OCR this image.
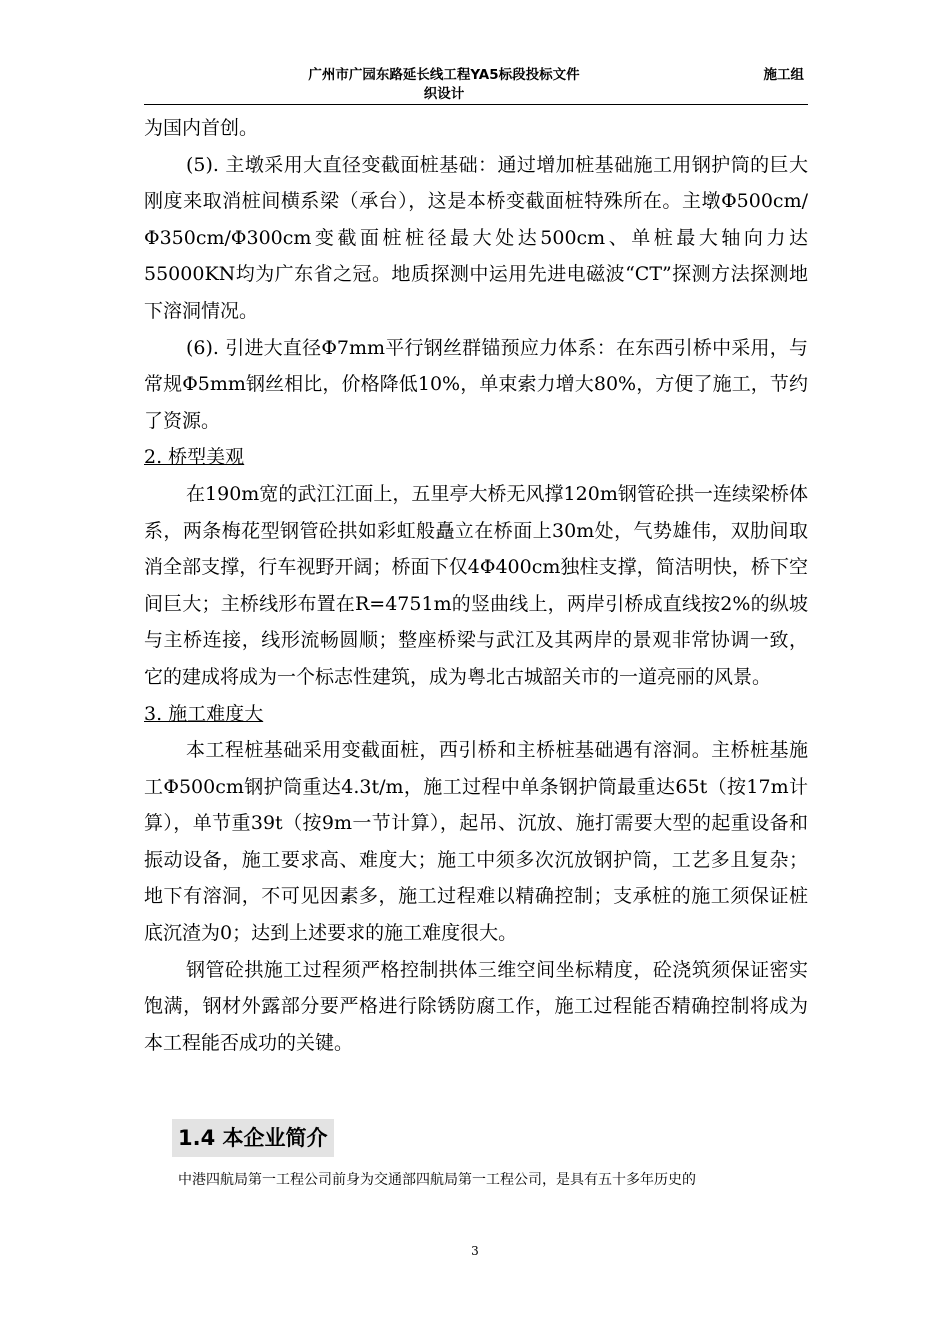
广州市广园东路延长线工程YA5标段投标文件
织设计
施工组

为国内首创。

(5). 主墩采用大直径变截面桩基础：通过增加桩基础施工用钢护筒的巨大刚度来取消桩间横系梁（承台），这是本桥变截面桩特殊所在。主墩Φ500cm/Φ350cm/Φ300cm变截面桩桩径最大处达500cm、单桩最大轴向力达55000KN均为广东省之冠。地质探测中运用先进电磁波“CT”探测方法探测地下溶洞情况。

(6). 引进大直径Φ7mm平行钢丝群锚预应力体系：在东西引桥中采用，与常规Φ5mm钢丝相比，价格降低10%，单束索力增大80%，方便了施工，节约了资源。

2. 桥型美观

在190m宽的武江江面上，五里亭大桥无风撑120m钢管砼拱一连续梁桥体系，两条梅花型钢管砼拱如彩虹般矗立在桥面上30m处，气势雄伟，双肋间取消全部支撑，行车视野开阔；桥面下仅4Φ400cm独柱支撑，简洁明快，桥下空间巨大；主桥线形布置在R=4751m的竖曲线上，两岸引桥成直线按2%的纵坡与主桥连接，线形流畅圆顺；整座桥梁与武江及其两岸的景观非常协调一致，它的建成将成为一个标志性建筑，成为粤北古城韶关市的一道亮丽的风景。

3. 施工难度大

本工程桩基础采用变截面桩，西引桥和主桥桩基础遇有溶洞。主桥桩基施工Φ500cm钢护筒重达4.3t/m，施工过程中单条钢护筒最重达65t（按17m计算），单节重39t（按9m一节计算），起吊、沉放、施打需要大型的起重设备和振动设备，施工要求高、难度大；施工中须多次沉放钢护筒，工艺多且复杂；地下有溶洞，不可见因素多，施工过程难以精确控制；支承桩的施工须保证桩底沉渣为0；达到上述要求的施工难度很大。

钢管砼拱施工过程须严格控制拱体三维空间坐标精度，砼浇筑须保证密实饱满，钢材外露部分要严格进行除锈防腐工作，施工过程能否精确控制将成为本工程能否成功的关键。

1.4 本企业简介
中港四航局第一工程公司前身为交通部四航局第一工程公司，是具有五十多年历史的
3
